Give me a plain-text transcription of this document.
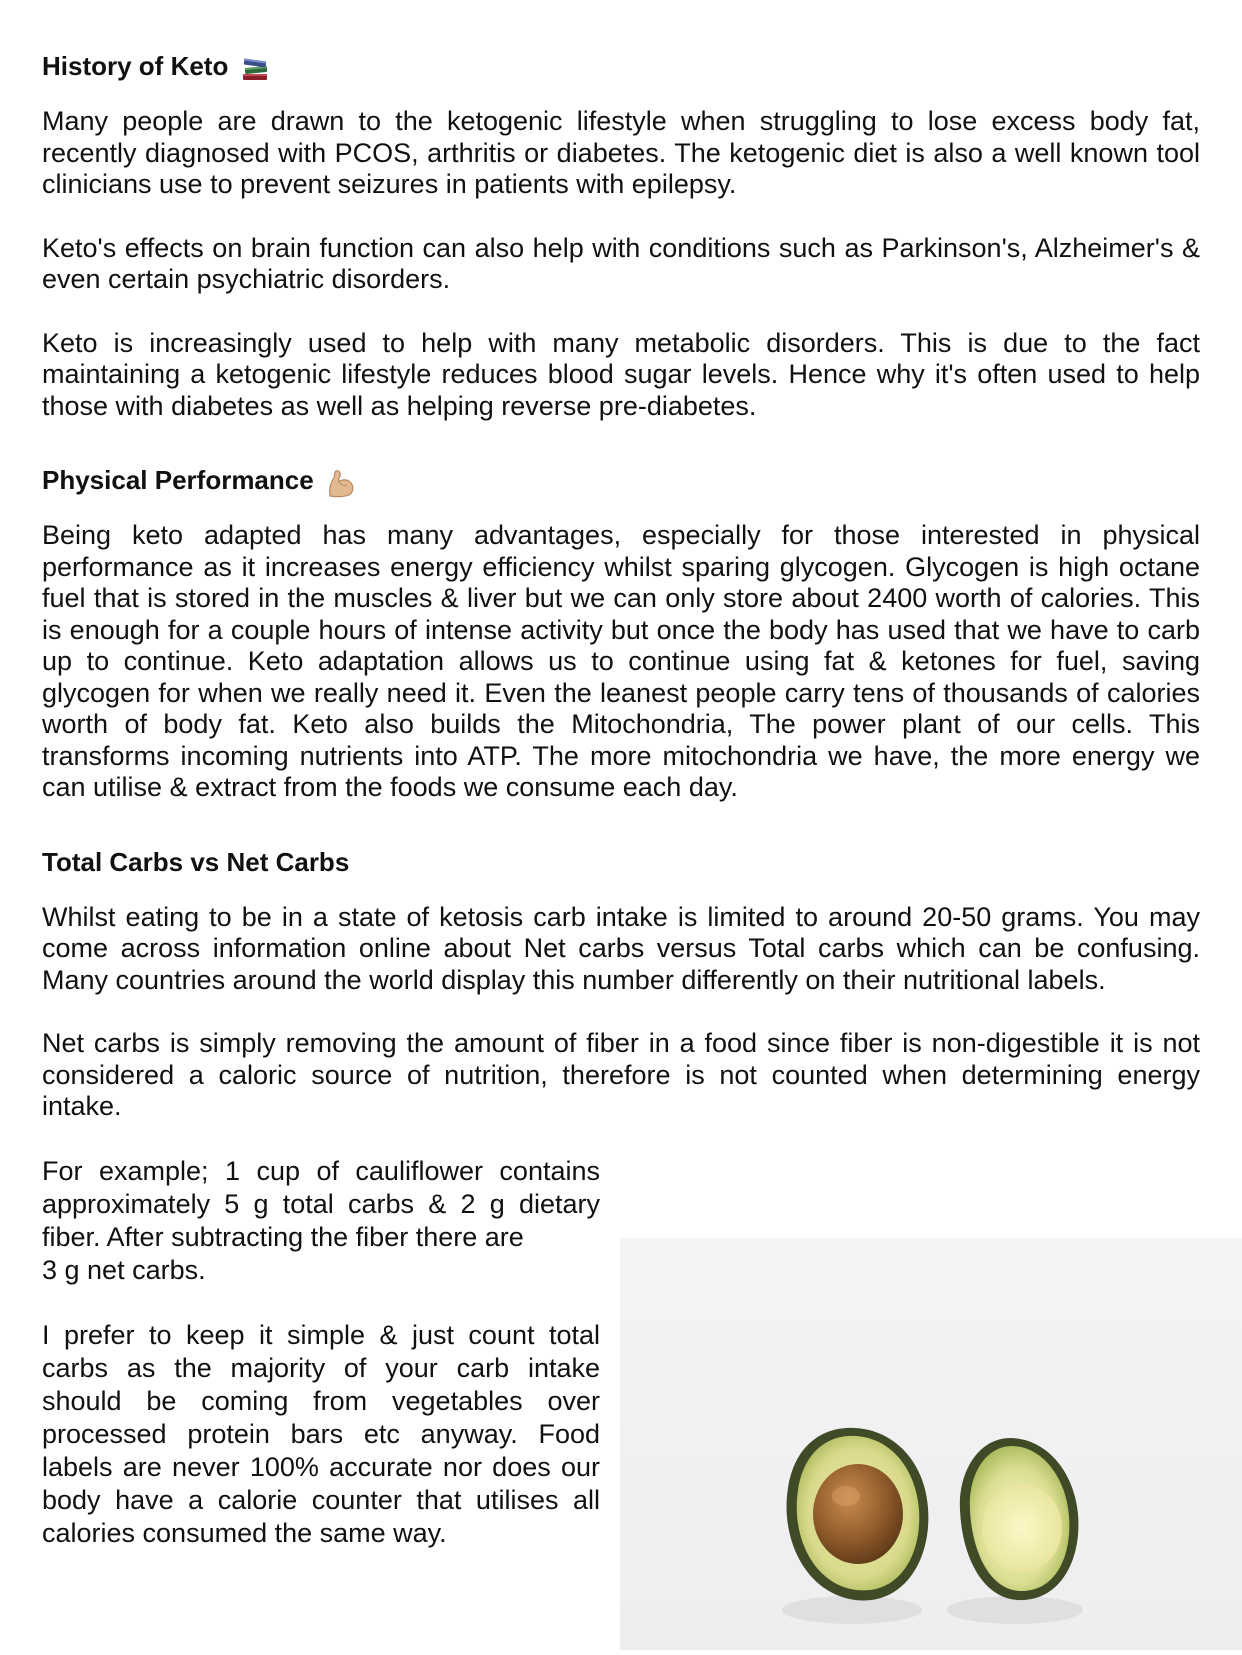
History of Keto

Many people are drawn to the ketogenic lifestyle when struggling to lose excess body fat, recently diagnosed with PCOS, arthritis or diabetes. The ketogenic diet is also a well known tool clinicians use to prevent seizures in patients with epilepsy.

Keto's effects on brain function can also help with conditions such as Parkinson's, Alzheimer's & even certain psychiatric disorders.

Keto is increasingly used to help with many metabolic disorders. This is due to the fact maintaining a ketogenic lifestyle reduces blood sugar levels. Hence why it's often used to help those with diabetes as well as helping reverse pre-diabetes.

Physical Performance

Being keto adapted has many advantages, especially for those interested in physical performance as it increases energy efficiency whilst sparing glycogen. Glycogen is high octane fuel that is stored in the muscles & liver but we can only store about 2400 worth of calories. This is enough for a couple hours of intense activity but once the body has used that we have to carb up to continue. Keto adaptation allows us to continue using fat & ketones for fuel, saving glycogen for when we really need it. Even the leanest people carry tens of thousands of calories worth of body fat. Keto also builds the Mitochondria, The power plant of our cells. This transforms incoming nutrients into ATP. The more mitochondria we have, the more energy we can utilise & extract from the foods we consume each day.

Total Carbs vs Net Carbs

Whilst eating to be in a state of ketosis carb intake is limited to around 20-50 grams. You may come across information online about Net carbs versus Total carbs which can be confusing. Many countries around the world display this number differently on their nutritional labels.

Net carbs is simply removing the amount of fiber in a food since fiber is non-digestible it is not considered a caloric source of nutrition, therefore is not counted when determining energy intake.

For example; 1 cup of cauliflower contains approximately 5 g total carbs & 2 g dietary fiber. After subtracting the fiber there are
3 g net carbs.

I prefer to keep it simple & just count total carbs as the majority of your carb intake should be coming from vegetables over processed protein bars etc anyway. Food labels are never 100% accurate nor does our body have a calorie counter that utilises all calories consumed the same way.
